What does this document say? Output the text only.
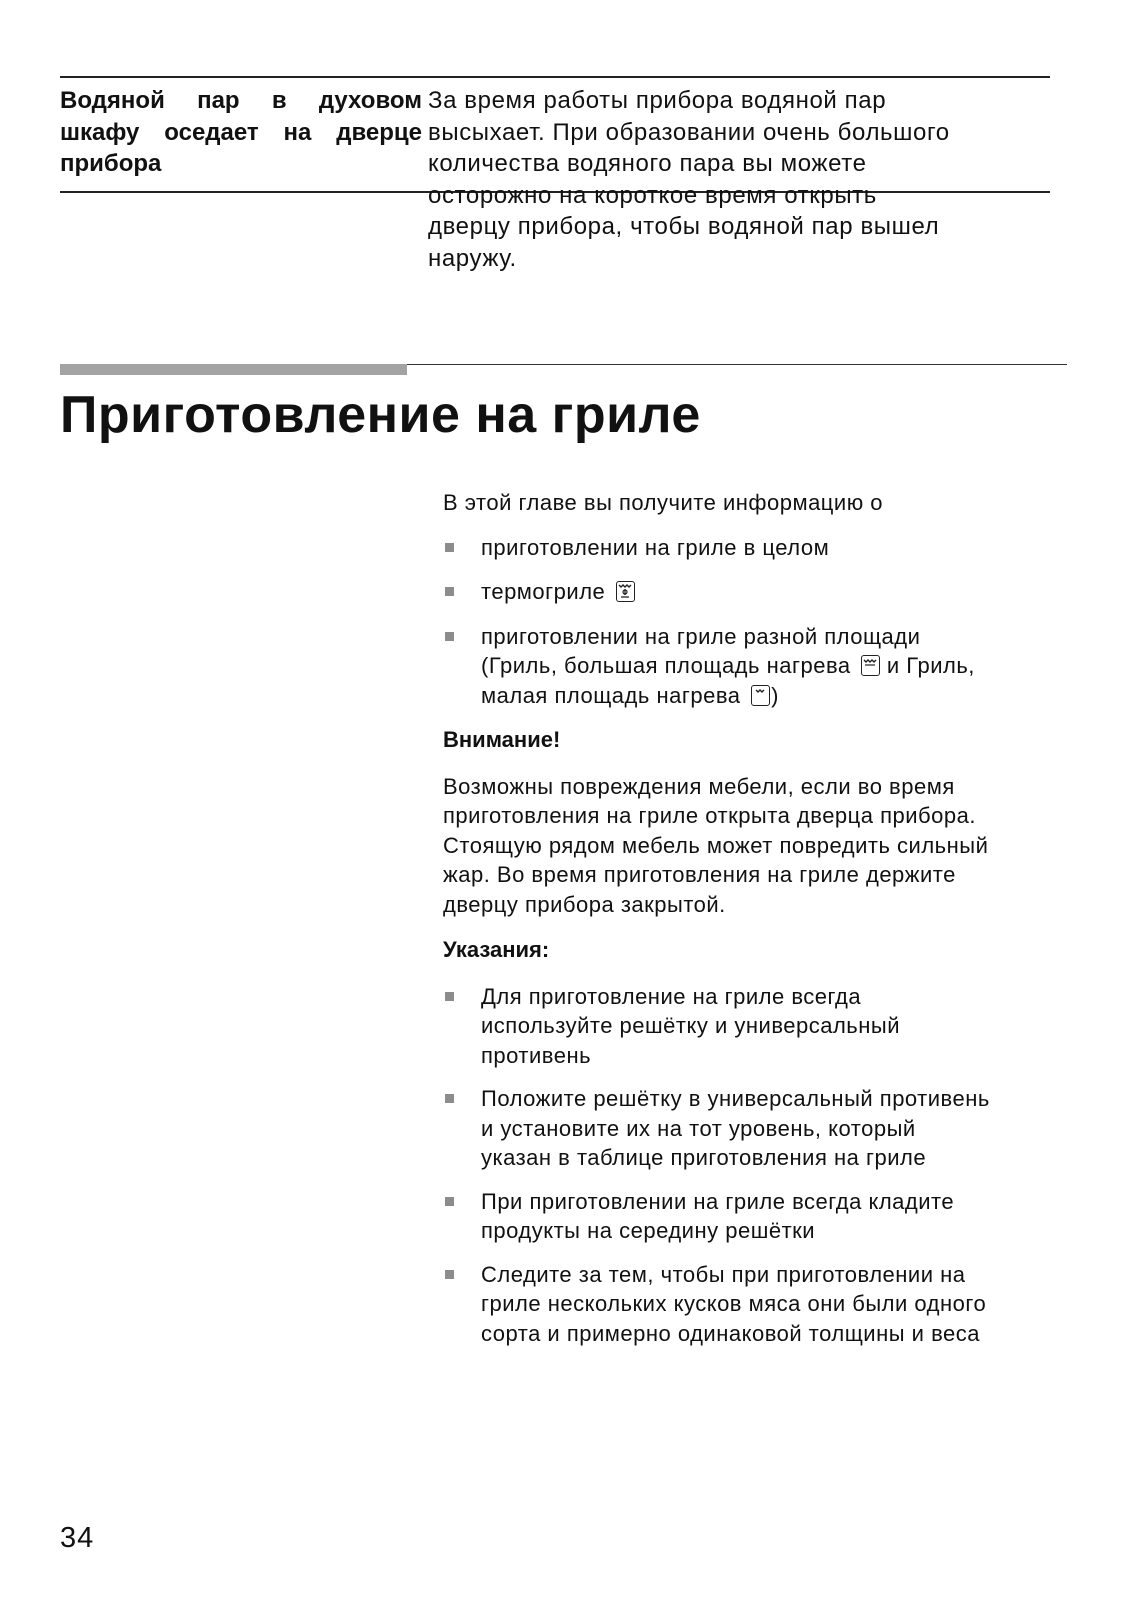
Водяной пар в духовом шкафу оседает на дверце прибора
За время работы прибора водяной пар
высыхает. При образовании очень большого
количества водяного пара вы можете
осторожно на короткое время открыть
дверцу прибора, чтобы водяной пар вышел
наружу.
Приготовление на гриле

В этой главе вы получите информацию о

приготовлении на гриле в целом
термогриле
приготовлении на гриле разной площади
(Гриль, большая площадь нагрева и Гриль,
малая площадь нагрева )

Внимание!

Возможны повреждения мебели, если во время
приготовления на гриле открыта дверца прибора.
Стоящую рядом мебель может повредить сильный
жар. Во время приготовления на гриле держите
дверцу прибора закрытой.

Указания:

Для приготовление на гриле всегда
используйте решётку и универсальный
противень
Положите решётку в универсальный противень
и установите их на тот уровень, который
указан в таблице приготовления на гриле
При приготовлении на гриле всегда кладите
продукты на середину решётки
Следите за тем, чтобы при приготовлении на
гриле нескольких кусков мяса они были одного
сорта и примерно одинаковой толщины и веса
34
